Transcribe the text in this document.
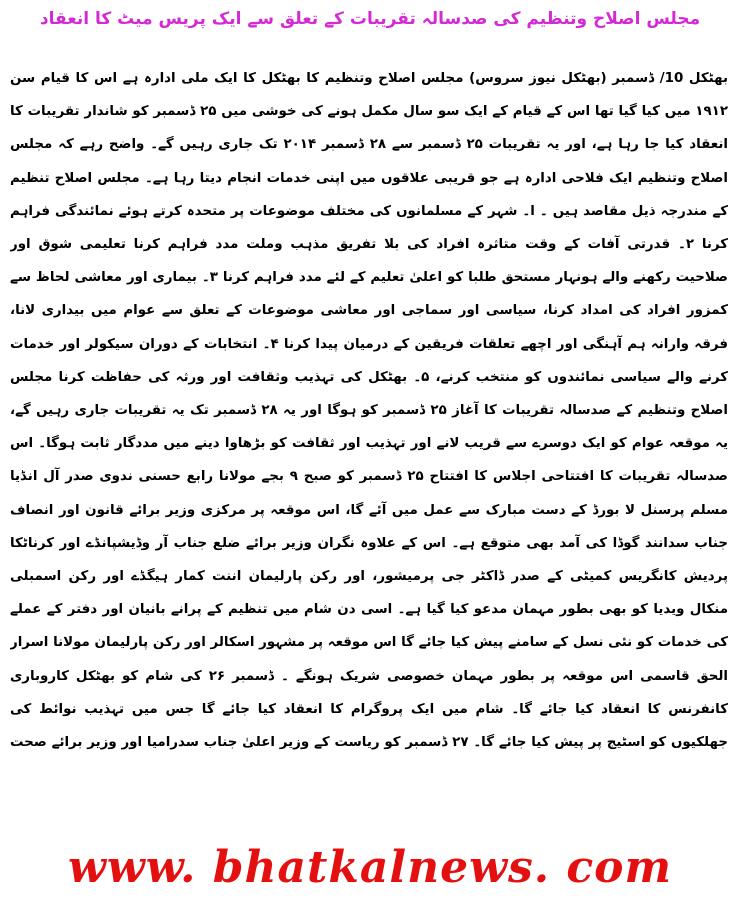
مجلس اصلاح وتنظیم کی صدسالہ تقریبات کے تعلق سے ایک پریس میٹ کا انعقاد

بھٹکل 10/ ڈسمبر (بھٹکل نیوز سروس) مجلس اصلاح وتنظیم کا بھٹکل کا ایک ملی ادارہ ہے اس کا قیام سن ۱۹۱۲ میں کیا گیا تھا اس کے قیام کے ایک سو سال مکمل ہونے کی خوشی میں ۲۵ ڈسمبر کو شاندار تقریبات کا انعقاد کیا جا رہا ہے، اور یہ تقریبات ۲۵ ڈسمبر سے ۲۸ ڈسمبر ۲۰۱۴ تک جاری رہیں گے۔ واضح رہے کہ مجلس اصلاح وتنظیم ایک فلاحی ادارہ ہے جو قریبی علاقوں میں اپنی خدمات انجام دیتا رہا ہے۔ مجلس اصلاح تنظیم کے مندرجہ ذیل مقاصد ہیں ۔ ا۔ شہر کے مسلمانوں کی مختلف موضوعات پر متحدہ کرتے ہوئے نمائندگی فراہم کرنا ۲۔ قدرتی آفات کے وقت متاثرہ افراد کی بلا تفریق مذہب وملت مدد فراہم کرنا تعلیمی شوق اور صلاحیت رکھنے والے ہونہار مستحق طلبا کو اعلیٰ تعلیم کے لئے مدد فراہم کرنا ۳۔ بیماری اور معاشی لحاظ سے کمزور افراد کی امداد کرنا، سیاسی اور سماجی اور معاشی موضوعات کے تعلق سے عوام میں بیداری لانا، فرقہ وارانہ ہم آہنگی اور اچھے تعلقات فریقین کے درمیان پیدا کرنا ۴۔ انتخابات کے دوران سیکولر اور خدمات کرنے والے سیاسی نمائندوں کو منتخب کرنے، ۵۔ بھٹکل کی تہذیب وثقافت اور ورثہ کی حفاظت کرنا مجلس اصلاح وتنظیم کے صدسالہ تقریبات کا آغاز ۲۵ ڈسمبر کو ہوگا اور یہ ۲۸ ڈسمبر تک یہ تقریبات جاری رہیں گے، یہ موقعہ عوام کو ایک دوسرے سے قریب لانے اور تہذیب اور ثقافت کو بڑھاوا دینے میں مددگار ثابت ہوگا۔ اس صدسالہ تقریبات کا افتتاحی اجلاس کا افتتاح ۲۵ ڈسمبر کو صبح ۹ بجے مولانا رابع حسنی ندوی صدر آل انڈیا مسلم پرسنل لا بورڈ کے دست مبارک سے عمل میں آئے گا، اس موقعہ پر مرکزی وزیر برائے قانون اور انصاف جناب سدانند گوڈا کی آمد بھی متوقع ہے۔ اس کے علاوہ نگران وزیر برائے ضلع جناب آر وڈیشپانڈے اور کرناٹکا پردیش کانگریس کمیٹی کے صدر ڈاکٹر جی پرمیشور، اور رکن پارلیمان اننت کمار ہیگڈے اور رکن اسمبلی منکال ویدیا کو بھی بطور مہمان مدعو کیا گیا ہے۔ اسی دن شام میں تنظیم کے پرانے بانیان اور دفتر کے عملے کی خدمات کو نئی نسل کے سامنے پیش کیا جائے گا اس موقعہ پر مشہور اسکالر اور رکن پارلیمان مولانا اسرار الحق قاسمی اس موقعہ پر بطور مہمان خصوصی شریک ہونگے ۔ ڈسمبر ۲۶ کی شام کو بھٹکل کاروباری کانفرنس کا انعقاد کیا جائے گا۔ شام میں ایک پروگرام کا انعقاد کیا جائے گا جس میں تہذیب نوائط کی جھلکیوں کو اسٹیج پر پیش کیا جائے گا۔ ۲۷ ڈسمبر کو ریاست کے وزیر اعلیٰ جناب سدرامیا اور وزیر برائے صحت

www. bhatkalnews. com
